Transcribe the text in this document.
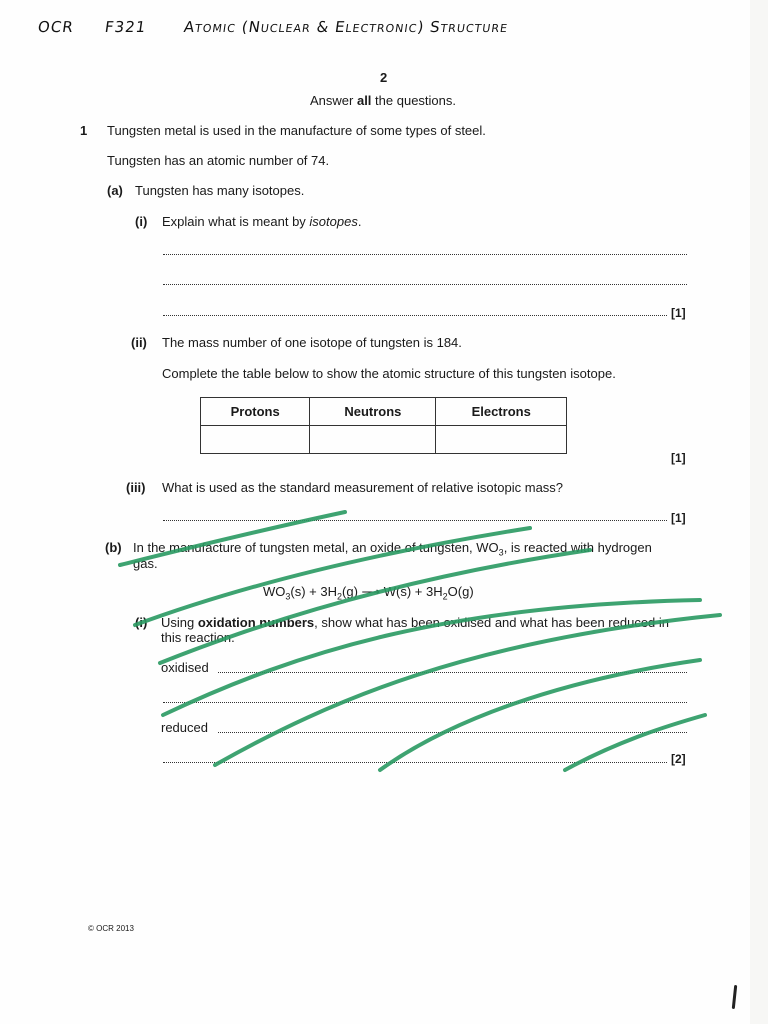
OCR F321 Atomic (Nuclear & Electronic) Structure
2
Answer all the questions.
1 Tungsten metal is used in the manufacture of some types of steel.
Tungsten has an atomic number of 74.
(a) Tungsten has many isotopes.
(i) Explain what is meant by isotopes.
[1]
(ii) The mass number of one isotope of tungsten is 184.
Complete the table below to show the atomic structure of this tungsten isotope.
Protons	Neutrons	Electrons

[1]
(iii) What is used as the standard measurement of relative isotopic mass?
[1]
(b) In the manufacture of tungsten metal, an oxide of tungsten, $WO_3$, is reacted with hydrogen
gas.
$WO_3(s) + 3H_2(g)$ ⟶ $W(s) + 3H_2O(g)$
(i) Using oxidation numbers, show what has been oxidised and what has been reduced in
this reaction.
oxidised
reduced
[2]
© OCR 2013
